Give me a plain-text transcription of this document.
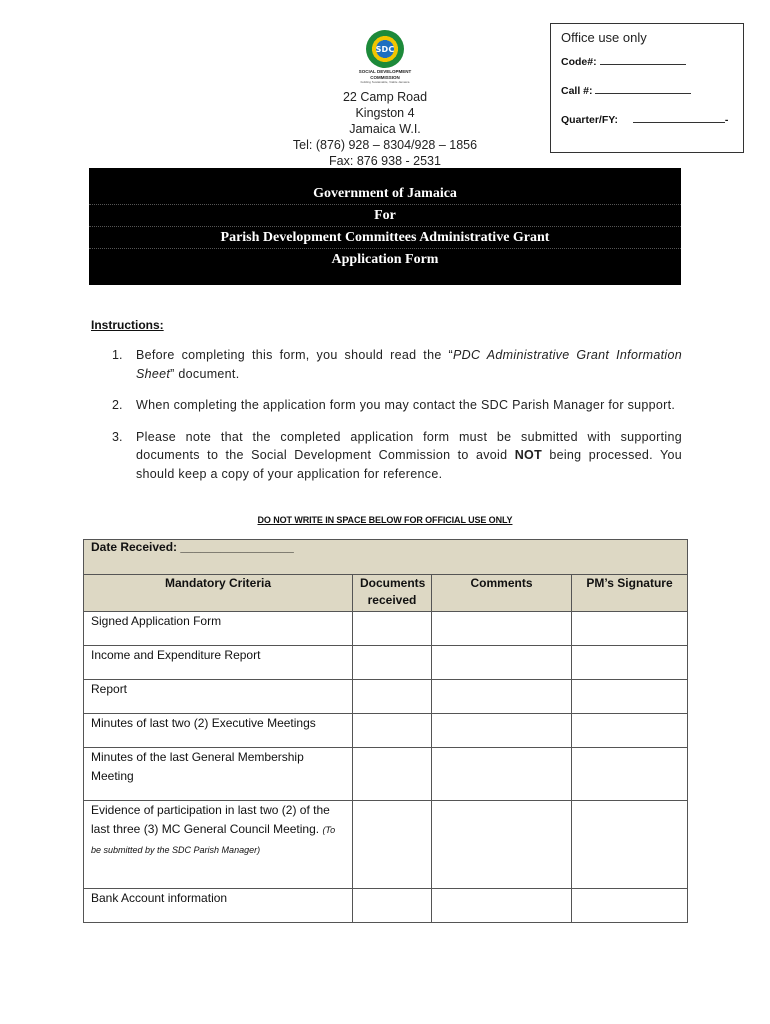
SDC
SOCIAL DEVELOPMENT
COMMISSION
building Sustainable, Viable Jamaica
22 Camp Road
Kingston 4
Jamaica W.I.
Tel: (876) 928 – 8304/928 – 1856
Fax: 876 938 - 2531
Office use only
Code#:
Call #:
Quarter/FY:	-
Government of Jamaica
For
Parish Development Committees Administrative Grant
Application Form
Instructions:
1.	Before completing this form, you should read the “PDC Administrative Grant Information Sheet” document.
2.	When completing the application form you may contact the SDC Parish Manager for support.
3.	Please note that the completed application form must be submitted with supporting documents to the Social Development Commission to avoid NOT being processed. You should keep a copy of your application for reference.
DO NOT WRITE IN SPACE BELOW FOR OFFICIAL USE ONLY
Date Received: _________________			
Mandatory Criteria	Documents received	Comments	PM’s Signature
Signed Application Form			
Income and Expenditure Report			
Report			
Minutes of last two (2) Executive Meetings			
Minutes of the last General Membership Meeting			
Evidence of participation in last two (2) of the last three (3) MC General Council Meeting. (To be submitted by the SDC Parish Manager)			
Bank Account information			
